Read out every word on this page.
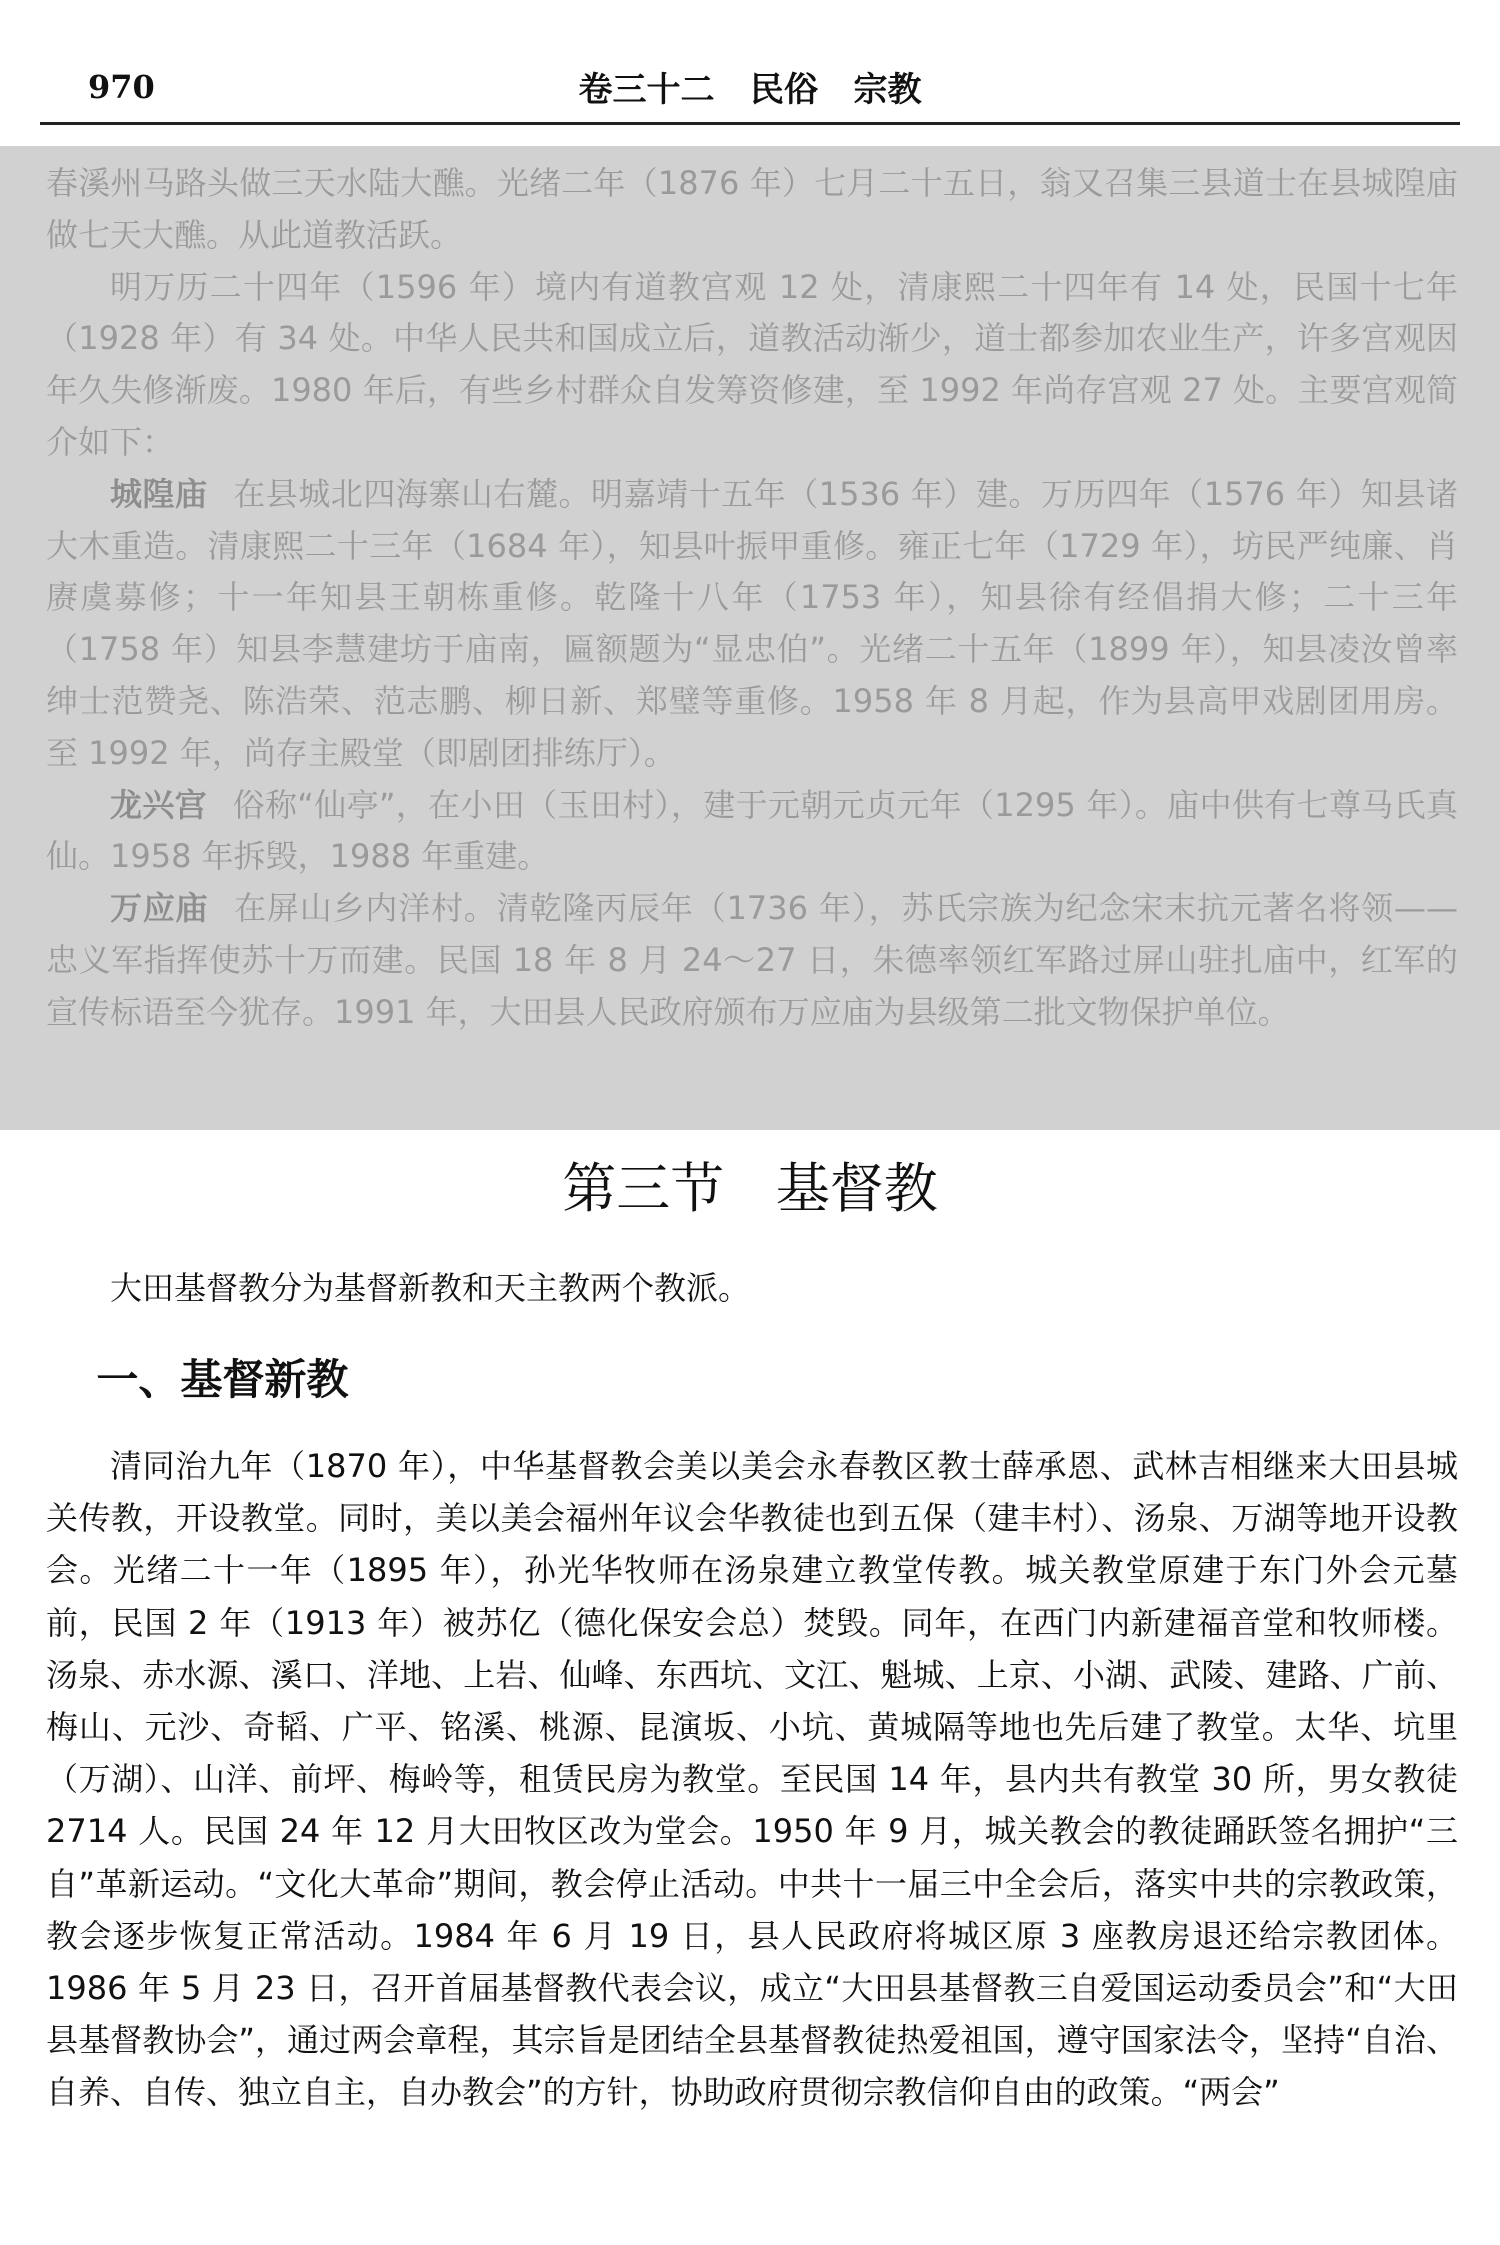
970	卷三十二   民俗   宗教

春溪州马路头做三天水陆大醮。光绪二年（1876 年）七月二十五日，翁又召集三县道士在县城隍庙做七天大醮。从此道教活跃。

明万历二十四年（1596 年）境内有道教宫观 12 处，清康熙二十四年有 14 处，民国十七年（1928 年）有 34 处。中华人民共和国成立后，道教活动渐少，道士都参加农业生产，许多宫观因年久失修渐废。1980 年后，有些乡村群众自发筹资修建，至 1992 年尚存宫观 27 处。主要宫观简介如下：

城隍庙 在县城北四海寨山右麓。明嘉靖十五年（1536 年）建。万历四年（1576 年）知县诸大木重造。清康熙二十三年（1684 年），知县叶振甲重修。雍正七年（1729 年），坊民严纯廉、肖赓虞募修；十一年知县王朝栋重修。乾隆十八年（1753 年），知县徐有经倡捐大修；二十三年（1758 年）知县李慧建坊于庙南，匾额题为“显忠伯”。光绪二十五年（1899 年），知县凌汝曾率绅士范赞尧、陈浩荣、范志鹏、柳日新、郑璧等重修。1958 年 8 月起，作为县高甲戏剧团用房。至 1992 年，尚存主殿堂（即剧团排练厅）。

龙兴宫 俗称“仙亭”，在小田（玉田村），建于元朝元贞元年（1295 年）。庙中供有七尊马氏真仙。1958 年拆毁，1988 年重建。

万应庙 在屏山乡内洋村。清乾隆丙辰年（1736 年），苏氏宗族为纪念宋末抗元著名将领——忠义军指挥使苏十万而建。民国 18 年 8 月 24～27 日，朱德率领红军路过屏山驻扎庙中，红军的宣传标语至今犹存。1991 年，大田县人民政府颁布万应庙为县级第二批文物保护单位。

第三节   基督教

大田基督教分为基督新教和天主教两个教派。

一、基督新教

清同治九年（1870 年），中华基督教会美以美会永春教区教士薛承恩、武林吉相继来大田县城关传教，开设教堂。同时，美以美会福州年议会华教徒也到五保（建丰村）、汤泉、万湖等地开设教会。光绪二十一年（1895 年），孙光华牧师在汤泉建立教堂传教。城关教堂原建于东门外会元墓前，民国 2 年（1913 年）被苏亿（德化保安会总）焚毁。同年，在西门内新建福音堂和牧师楼。汤泉、赤水源、溪口、洋地、上岩、仙峰、东西坑、文江、魁城、上京、小湖、武陵、建路、广前、梅山、元沙、奇韬、广平、铭溪、桃源、昆演坂、小坑、黄城隔等地也先后建了教堂。太华、坑里（万湖）、山洋、前坪、梅岭等，租赁民房为教堂。至民国 14 年，县内共有教堂 30 所，男女教徒 2714 人。民国 24 年 12 月大田牧区改为堂会。1950 年 9 月，城关教会的教徒踊跃签名拥护“三自”革新运动。“文化大革命”期间，教会停止活动。中共十一届三中全会后，落实中共的宗教政策，教会逐步恢复正常活动。1984 年 6 月 19 日，县人民政府将城区原 3 座教房退还给宗教团体。1986 年 5 月 23 日，召开首届基督教代表会议，成立“大田县基督教三自爱国运动委员会”和“大田县基督教协会”，通过两会章程，其宗旨是团结全县基督教徒热爱祖国，遵守国家法令，坚持“自治、自养、自传、独立自主，自办教会”的方针，协助政府贯彻宗教信仰自由的政策。“两会”
